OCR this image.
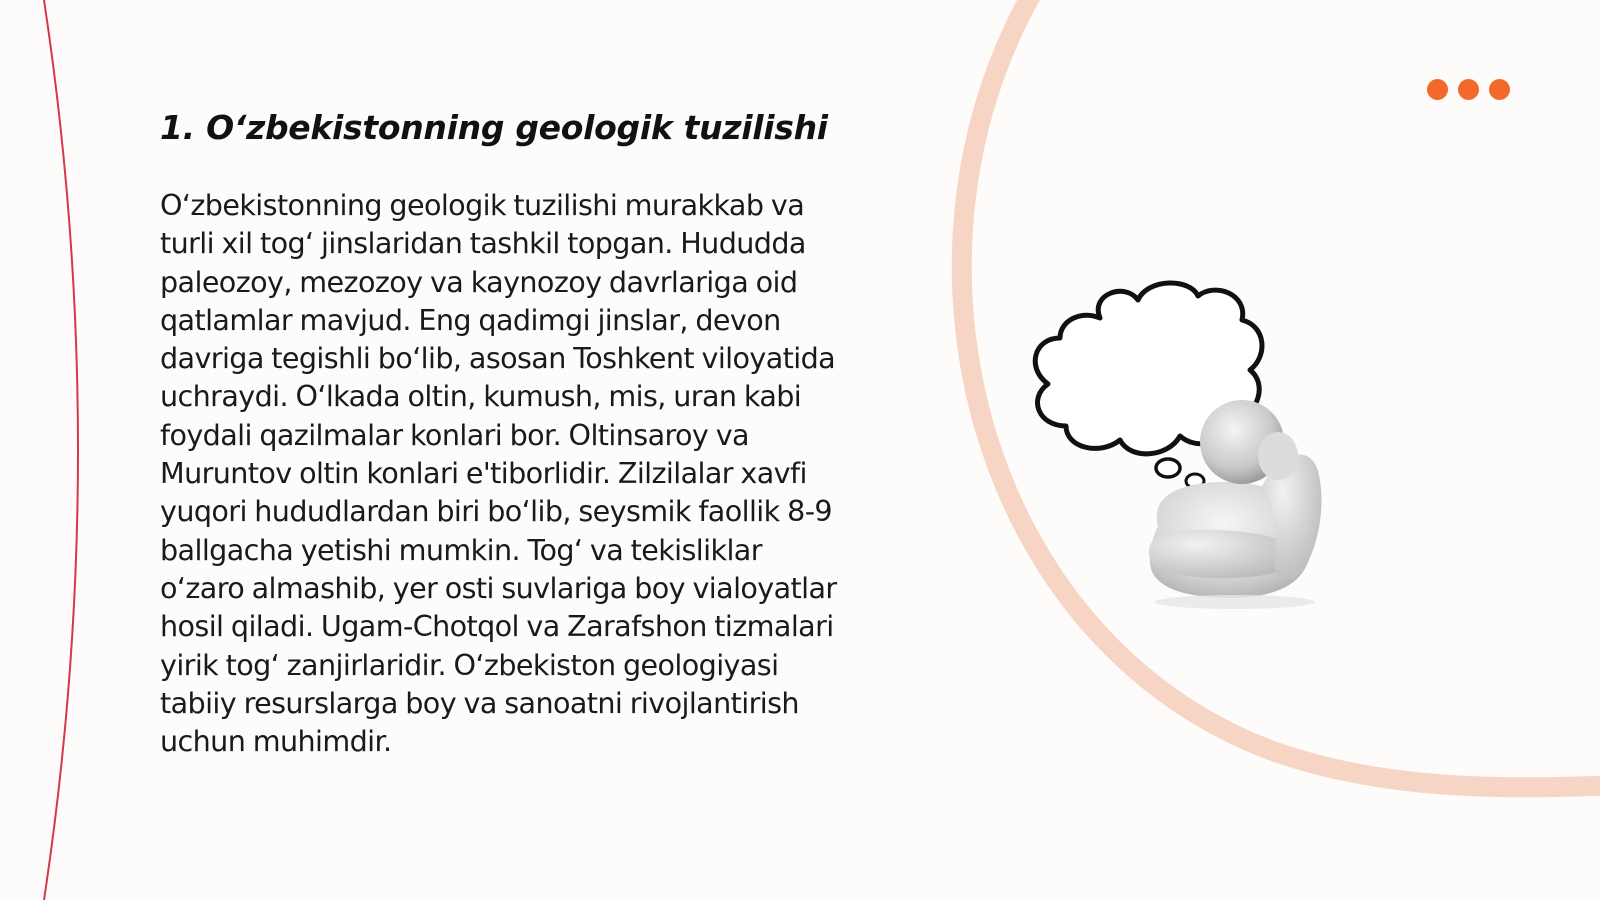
1. O‘zbekistonning geologik tuzilishi

O‘zbekistonning geologik tuzilishi murakkab va turli xil tog‘ jinslaridan tashkil topgan. Hududda paleozoy, mezozoy va kaynozoy davrlariga oid qatlamlar mavjud. Eng qadimgi jinslar, devon davriga tegishli bo‘lib, asosan Toshkent viloyatida uchraydi. O‘lkada oltin, kumush, mis, uran kabi foydali qazilmalar konlari bor. Oltinsaroy va Muruntov oltin konlari e'tiborlidir. Zilzilalar xavfi yuqori hududlardan biri bo‘lib, seysmik faollik 8-9 ballgacha yetishi mumkin. Tog‘ va tekisliklar o‘zaro almashib, yer osti suvlariga boy vialoyatlar hosil qiladi. Ugam-Chotqol va Zarafshon tizmalari yirik tog‘ zanjirlaridir. O‘zbekiston geologiyasi tabiiy resurslarga boy va sanoatni rivojlantirish uchun muhimdir.
